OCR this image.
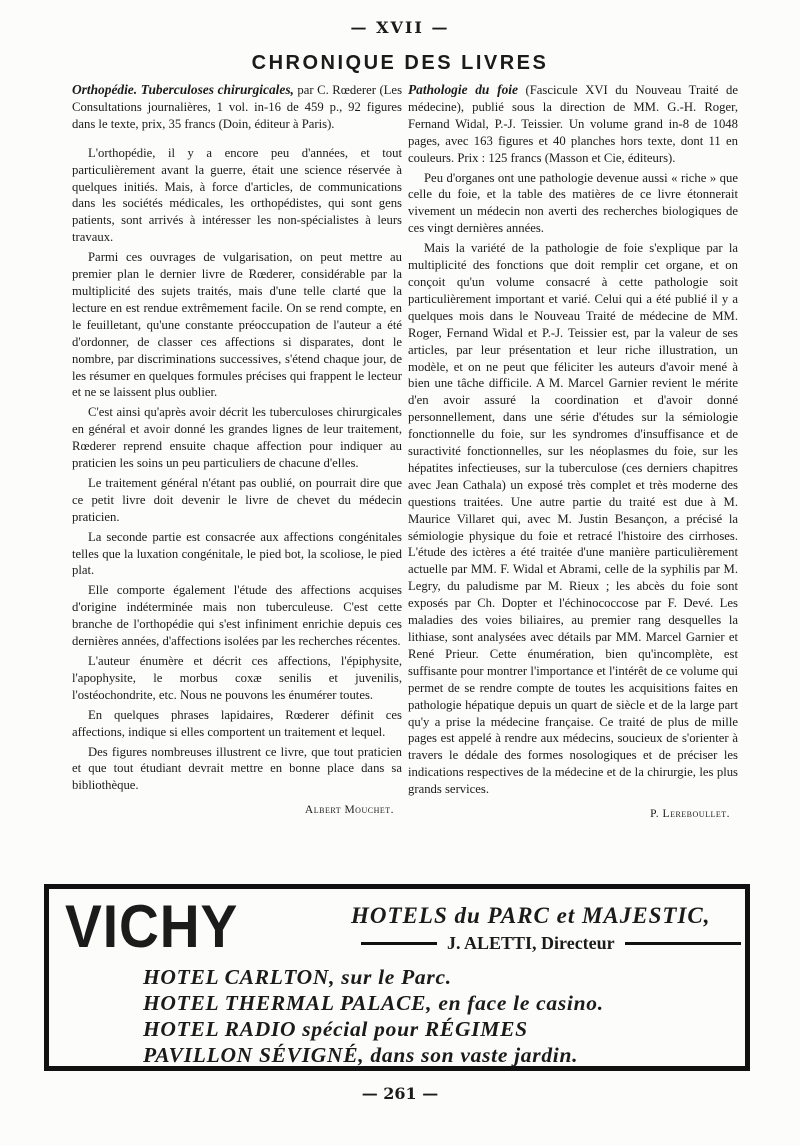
— XVII —
CHRONIQUE DES LIVRES

Orthopédie. Tuberculoses chirurgicales, par C. Rœderer (Les Consultations journalières, 1 vol. in-16 de 459 p., 92 figures dans le texte, prix, 35 francs (Doin, éditeur à Paris).

L'orthopédie, il y a encore peu d'années, et tout particulièrement avant la guerre, était une science réservée à quelques initiés. Mais, à force d'articles, de communications dans les sociétés médicales, les orthopédistes, qui sont gens patients, sont arrivés à intéresser les non-spécialistes à leurs travaux.

Parmi ces ouvrages de vulgarisation, on peut mettre au premier plan le dernier livre de Rœderer, considérable par la multiplicité des sujets traités, mais d'une telle clarté que la lecture en est rendue extrêmement facile. On se rend compte, en le feuilletant, qu'une constante préoccupation de l'auteur a été d'ordonner, de classer ces affections si disparates, dont le nombre, par discriminations successives, s'étend chaque jour, de les résumer en quelques formules précises qui frappent le lecteur et ne se laissent plus oublier.

C'est ainsi qu'après avoir décrit les tuberculoses chirurgicales en général et avoir donné les grandes lignes de leur traitement, Rœderer reprend ensuite chaque affection pour indiquer au praticien les soins un peu particuliers de chacune d'elles.

Le traitement général n'étant pas oublié, on pourrait dire que ce petit livre doit devenir le livre de chevet du médecin praticien.

La seconde partie est consacrée aux affections congénitales telles que la luxation congénitale, le pied bot, la scoliose, le pied plat.

Elle comporte également l'étude des affections acquises d'origine indéterminée mais non tuberculeuse. C'est cette branche de l'orthopédie qui s'est infiniment enrichie depuis ces dernières années, d'affections isolées par les recherches récentes.

L'auteur énumère et décrit ces affections, l'épiphysite, l'apophysite, le morbus coxæ senilis et juvenilis, l'ostéochondrite, etc. Nous ne pouvons les énumérer toutes.

En quelques phrases lapidaires, Rœderer définit ces affections, indique si elles comportent un traitement et lequel.

Des figures nombreuses illustrent ce livre, que tout praticien et que tout étudiant devrait mettre en bonne place dans sa bibliothèque.

Albert Mouchet.

Pathologie du foie (Fascicule XVI du Nouveau Traité de médecine), publié sous la direction de MM. G.-H. Roger, Fernand Widal, P.-J. Teissier. Un volume grand in-8 de 1048 pages, avec 163 figures et 40 planches hors texte, dont 11 en couleurs. Prix : 125 francs (Masson et Cie, éditeurs).

Peu d'organes ont une pathologie devenue aussi « riche » que celle du foie, et la table des matières de ce livre étonnerait vivement un médecin non averti des recherches biologiques de ces vingt dernières années.

Mais la variété de la pathologie de foie s'explique par la multiplicité des fonctions que doit remplir cet organe, et on conçoit qu'un volume consacré à cette pathologie soit particulièrement important et varié. Celui qui a été publié il y a quelques mois dans le Nouveau Traité de médecine de MM. Roger, Fernand Widal et P.-J. Teissier est, par la valeur de ses articles, par leur présentation et leur riche illustration, un modèle, et on ne peut que féliciter les auteurs d'avoir mené à bien une tâche difficile. A M. Marcel Garnier revient le mérite d'en avoir assuré la coordination et d'avoir donné personnellement, dans une série d'études sur la sémiologie fonctionnelle du foie, sur les syndromes d'insuffisance et de suractivité fonctionnelles, sur les néoplasmes du foie, sur les hépatites infectieuses, sur la tuberculose (ces derniers chapitres avec Jean Cathala) un exposé très complet et très moderne des questions traitées. Une autre partie du traité est due à M. Maurice Villaret qui, avec M. Justin Besançon, a précisé la sémiologie physique du foie et retracé l'histoire des cirrhoses. L'étude des ictères a été traitée d'une manière particulièrement actuelle par MM. F. Widal et Abrami, celle de la syphilis par M. Legry, du paludisme par M. Rieux ; les abcès du foie sont exposés par Ch. Dopter et l'échinococcose par F. Devé. Les maladies des voies biliaires, au premier rang desquelles la lithiase, sont analysées avec détails par MM. Marcel Garnier et René Prieur. Cette énumération, bien qu'incomplète, est suffisante pour montrer l'importance et l'intérêt de ce volume qui permet de se rendre compte de toutes les acquisitions faites en pathologie hépatique depuis un quart de siècle et de la large part qu'y a prise la médecine française. Ce traité de plus de mille pages est appelé à rendre aux médecins, soucieux de s'orienter à travers le dédale des formes nosologiques et de préciser les indications respectives de la médecine et de la chirurgie, les plus grands services.

P. Lereboullet.
VICHY	HOTELS du PARC et MAJESTIC,
J. ALETTI, Directeur
HOTEL CARLTON, sur le Parc.
HOTEL THERMAL PALACE, en face le casino.
HOTEL RADIO spécial pour RÉGIMES
PAVILLON SÉVIGNÉ, dans son vaste jardin.
— 261 —
